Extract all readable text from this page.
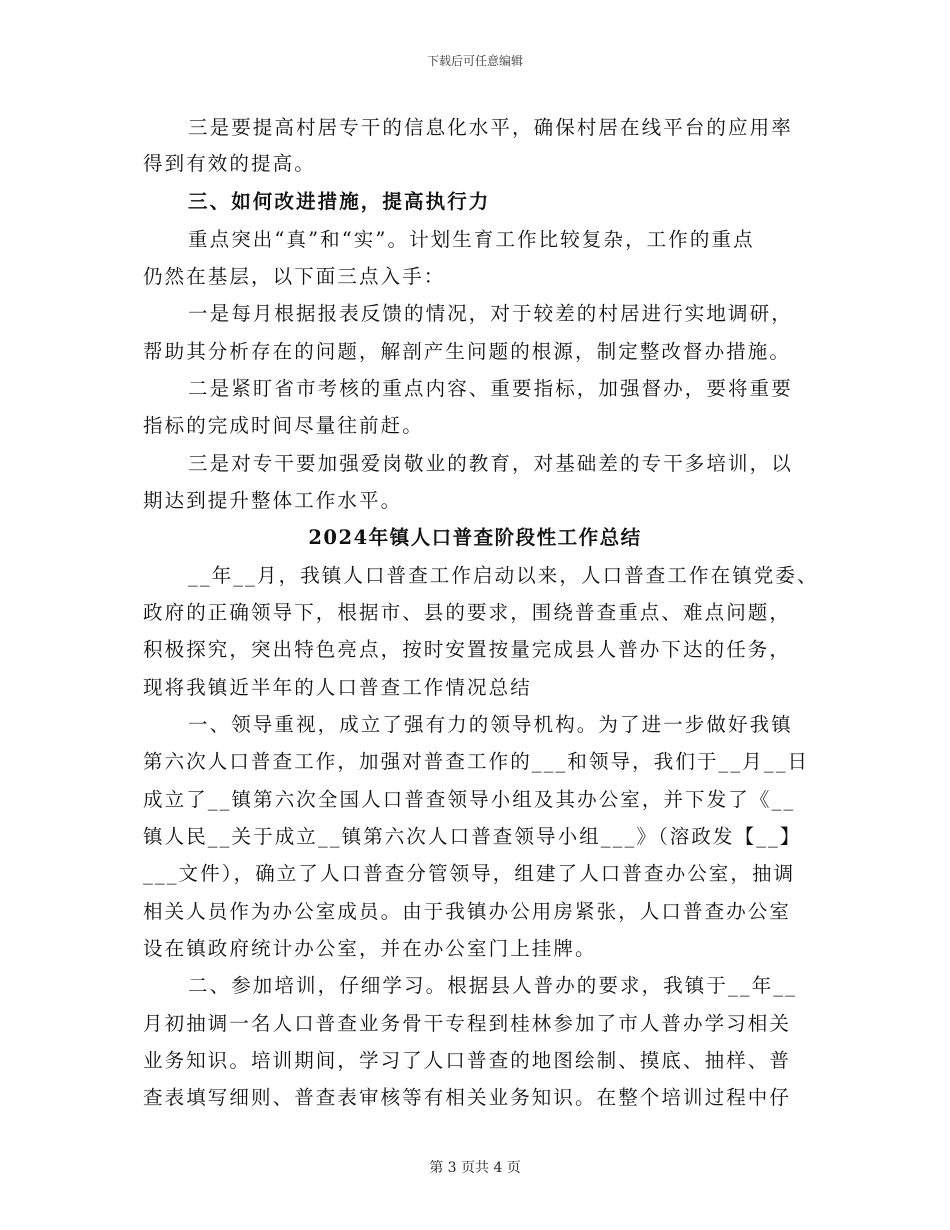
下载后可任意编辑
三是要提高村居专干的信息化水平，确保村居在线平台的应用率
得到有效的提高。
三、如何改进措施，提高执行力
重点突出“真”和“实”。计划生育工作比较复杂，工作的重点
仍然在基层，以下面三点入手：
一是每月根据报表反馈的情况，对于较差的村居进行实地调研，
帮助其分析存在的问题，解剖产生问题的根源，制定整改督办措施。
二是紧盯省市考核的重点内容、重要指标，加强督办，要将重要
指标的完成时间尽量往前赶。
三是对专干要加强爱岗敬业的教育，对基础差的专干多培训，以
期达到提升整体工作水平。
2024年镇人口普查阶段性工作总结
__年__月，我镇人口普查工作启动以来，人口普查工作在镇党委、
政府的正确领导下，根据市、县的要求，围绕普查重点、难点问题，
积极探究，突出特色亮点，按时安置按量完成县人普办下达的任务，
现将我镇近半年的人口普查工作情况总结
一、领导重视，成立了强有力的领导机构。为了进一步做好我镇
第六次人口普查工作，加强对普查工作的___和领导，我们于__月__日
成立了__镇第六次全国人口普查领导小组及其办公室，并下发了《__
镇人民__关于成立__镇第六次人口普查领导小组___》（溶政发【__】
___文件），确立了人口普查分管领导，组建了人口普查办公室，抽调
相关人员作为办公室成员。由于我镇办公用房紧张，人口普查办公室
设在镇政府统计办公室，并在办公室门上挂牌。
二、参加培训，仔细学习。根据县人普办的要求，我镇于__年__
月初抽调一名人口普查业务骨干专程到桂林参加了市人普办学习相关
业务知识。培训期间，学习了人口普查的地图绘制、摸底、抽样、普
查表填写细则、普查表审核等有相关业务知识。在整个培训过程中仔
第 3 页共 4 页
